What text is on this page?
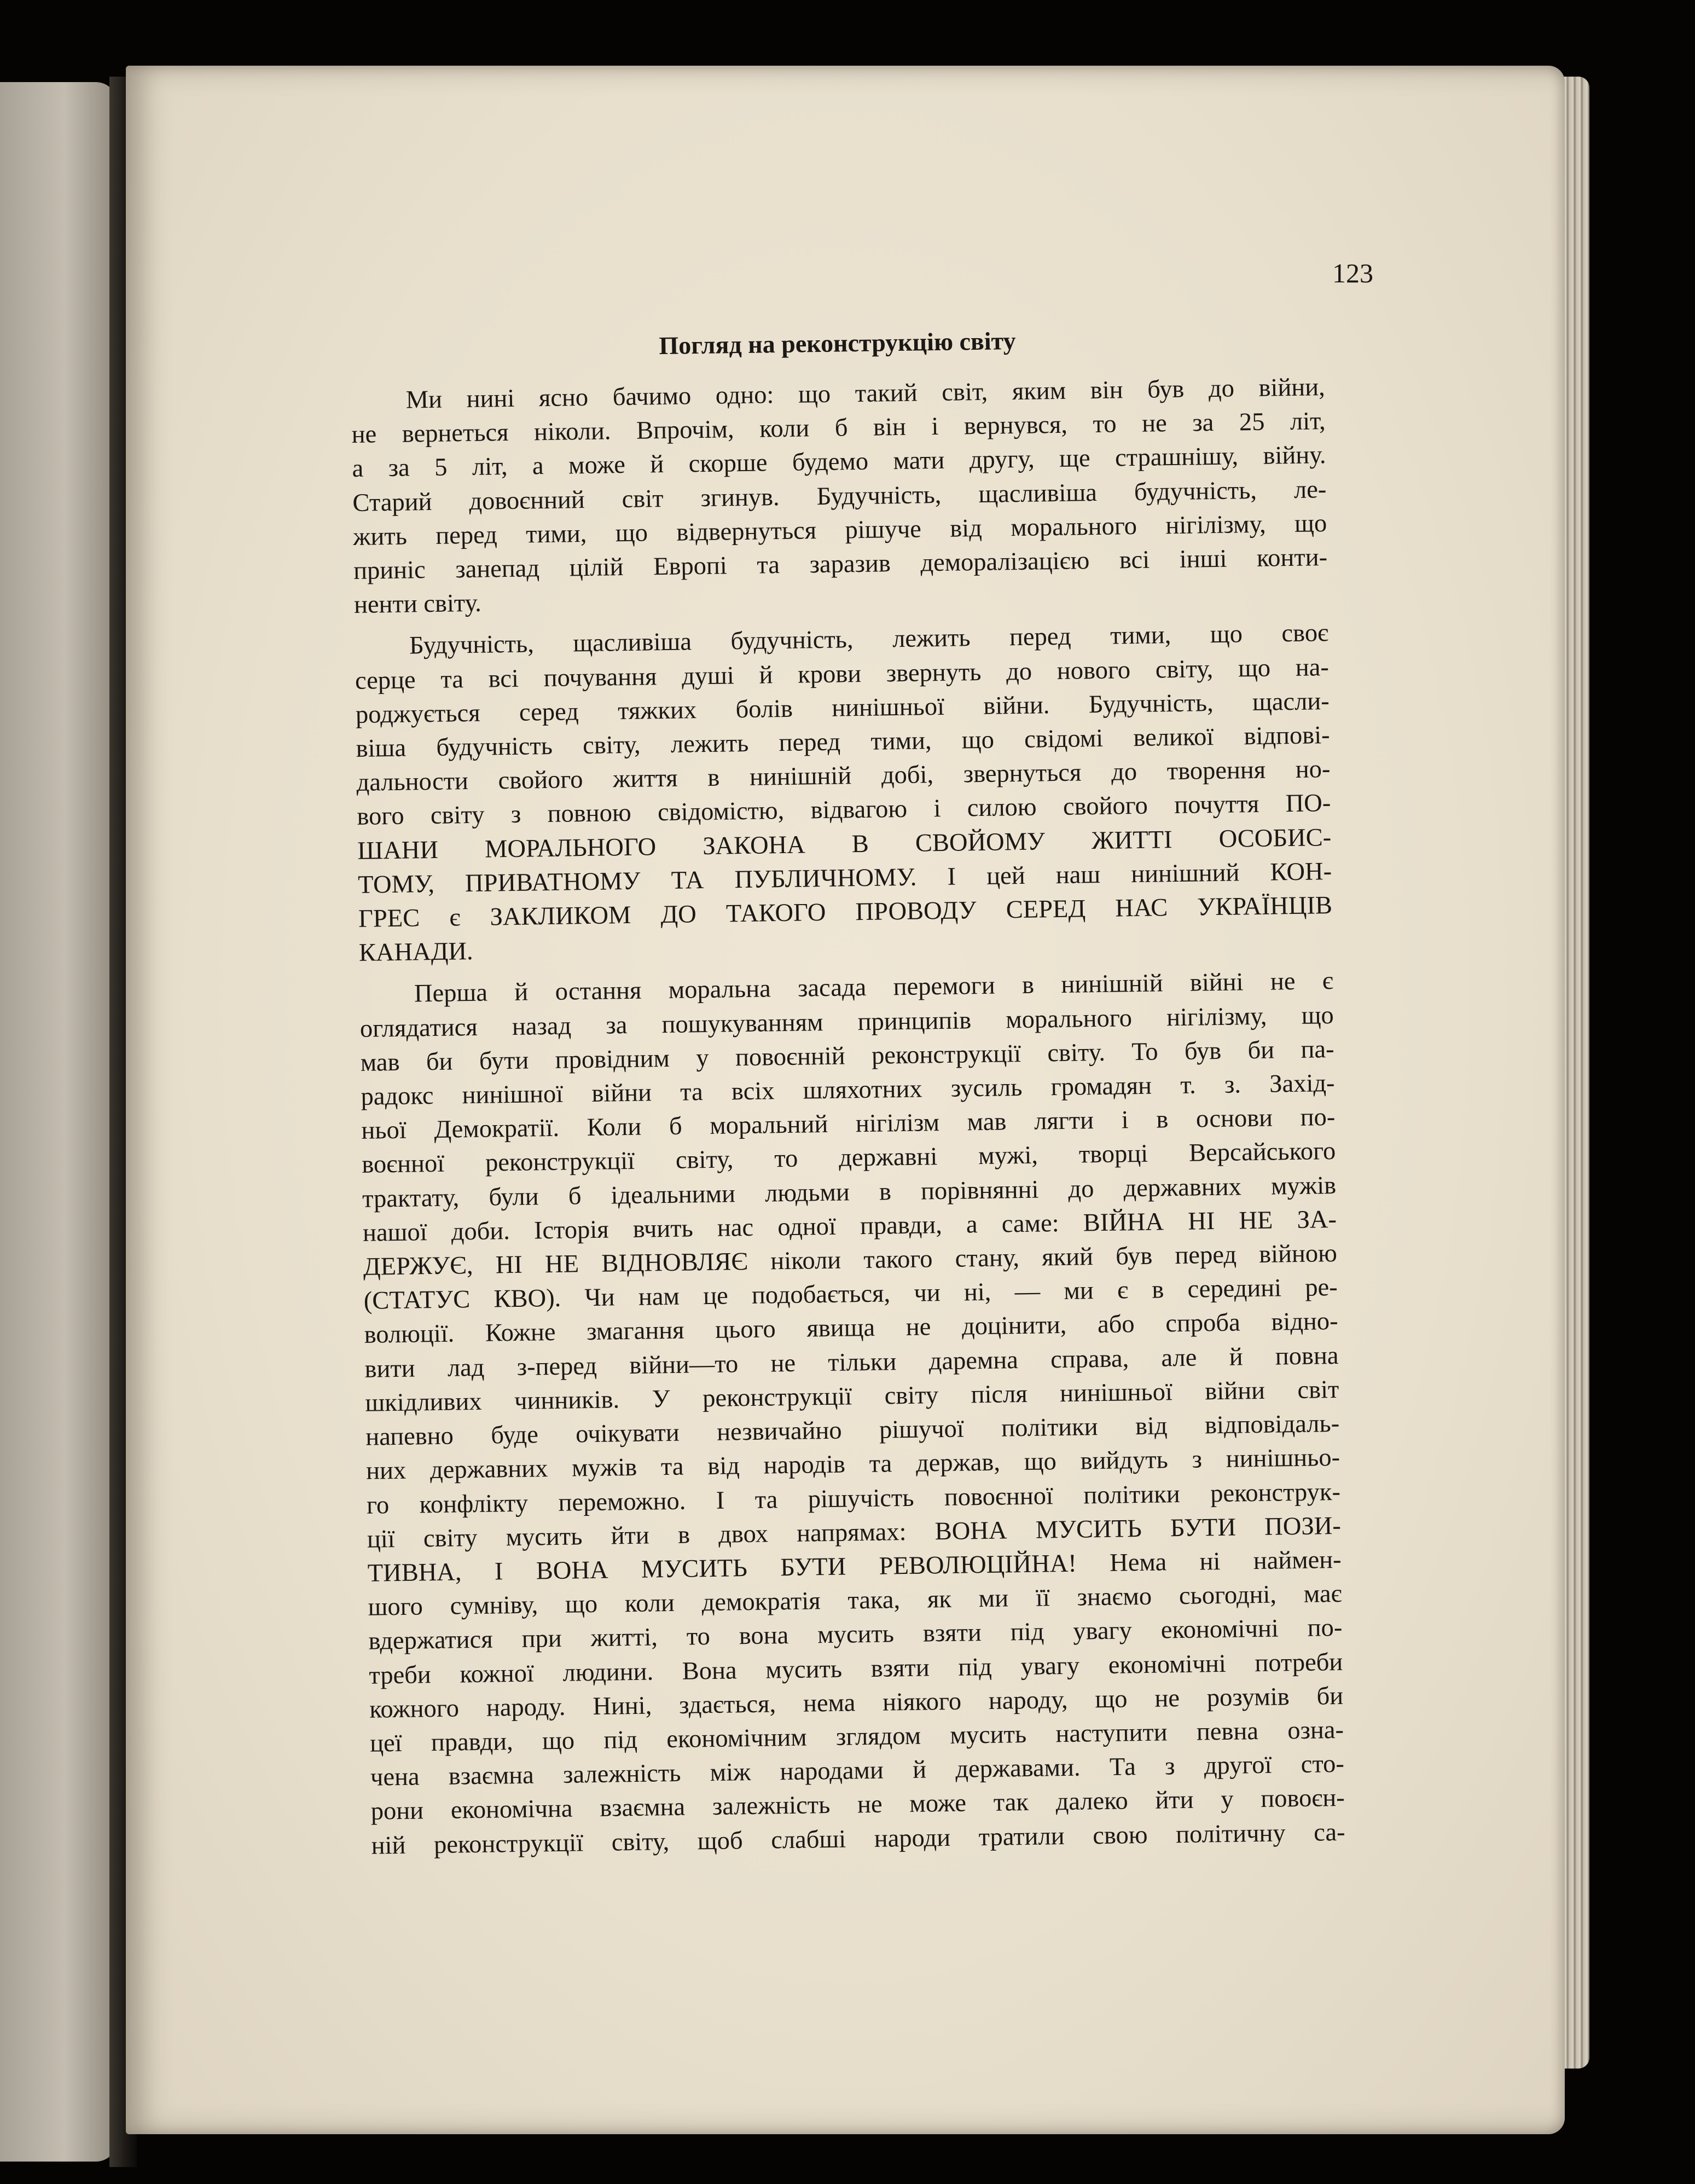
123
Погляд на реконструкцію світу
Ми нині ясно бачимо одно: що такий світ, яким він був до війни,
не вернеться ніколи. Впрочім, коли б він і вернувся, то не за 25 літ,
а за 5 літ, а може й скорше будемо мати другу, ще страшнішу, війну.
Старий довоєнний світ згинув. Будучність, щасливіша будучність, ле-
жить перед тими, що відвернуться рішуче від морального нігілізму, що
приніс занепад цілій Европі та заразив деморалізацією всі інші конти-
ненти світу.
Будучність, щасливіша будучність, лежить перед тими, що своє
серце та всі почування душі й крови звернуть до нового світу, що на-
роджується серед тяжких болів нинішньої війни. Будучність, щасли-
віша будучність світу, лежить перед тими, що свідомі великої відпові-
дальности свойого життя в нинішній добі, звернуться до творення но-
вого світу з повною свідомістю, відвагою і силою свойого почуття ПО-
ШАНИ МОРАЛЬНОГО ЗАКОНА В СВОЙОМУ ЖИТТІ ОСОБИС-
ТОМУ, ПРИВАТНОМУ ТА ПУБЛИЧНОМУ. І цей наш нинішний КОН-
ГРЕС є ЗАКЛИКОМ ДО ТАКОГО ПРОВОДУ СЕРЕД НАС УКРАЇНЦІВ
КАНАДИ.
Перша й остання моральна засада перемоги в нинішній війні не є
оглядатися назад за пошукуванням принципів морального нігілізму, що
мав би бути провідним у повоєнній реконструкції світу. То був би па-
радокс нинішної війни та всіх шляхотних зусиль громадян т. з. Захід-
ньої Демократії. Коли б моральний нігілізм мав лягти і в основи по-
воєнної реконструкції світу, то державні мужі, творці Версайського
трактату, були б ідеальними людьми в порівнянні до державних мужів
нашої доби. Історія вчить нас одної правди, а саме: ВІЙНА НІ НЕ ЗА-
ДЕРЖУЄ, НІ НЕ ВІДНОВЛЯЄ ніколи такого стану, який був перед війною
(СТАТУС КВО). Чи нам це подобається, чи ні, — ми є в середині ре-
волюції. Кожне змагання цього явища не доцінити, або спроба відно-
вити лад з-перед війни—то не тільки даремна справа, але й повна
шкідливих чинників. У реконструкції світу після нинішньої війни світ
напевно буде очікувати незвичайно рішучої політики від відповідаль-
них державних мужів та від народів та держав, що вийдуть з нинішньо-
го конфлікту переможно. І та рішучість повоєнної політики реконструк-
ції світу мусить йти в двох напрямах: ВОНА МУСИТЬ БУТИ ПОЗИ-
ТИВНА, І ВОНА МУСИТЬ БУТИ РЕВОЛЮЦІЙНА! Нема ні наймен-
шого сумніву, що коли демократія така, як ми її знаємо сьогодні, має
вдержатися при житті, то вона мусить взяти під увагу економічні по-
треби кожної людини. Вона мусить взяти під увагу економічні потреби
кожного народу. Нині, здається, нема ніякого народу, що не розумів би
цеї правди, що під економічним зглядом мусить наступити певна озна-
чена взаємна залежність між народами й державами. Та з другої сто-
рони економічна взаємна залежність не може так далеко йти у повоєн-
ній реконструкції світу, щоб слабші народи тратили свою політичну са-
